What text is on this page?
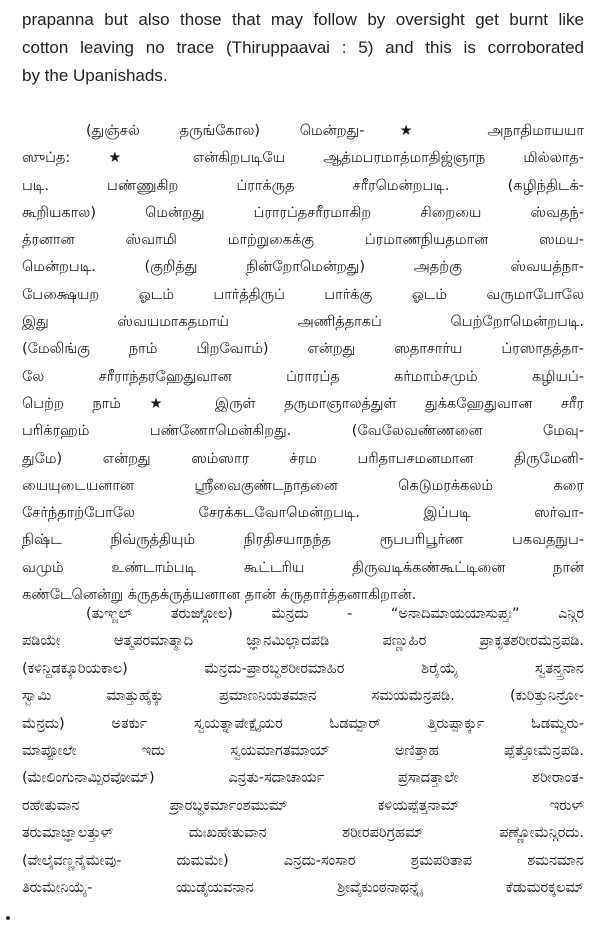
prapanna but also those that may follow by oversight get burnt like
cotton leaving no trace (Thiruppaavai : 5) and this is corroborated
by the Upanishads.
(துஞ்சல் தருங்கோல) மென்றது-★ அநாதிமாயயா
ஸுப்த: ★ என்கிறபடியே ஆத்மபரமாத்மாதிஜ்ஞாந மில்லாத-
படி. பண்ணுகிற ப்ராக்ருத சரீரமென்றபடி. (கழிந்திடக்-
கூறியகால) மென்றது ப்ராரப்தசரீரமாகிற சிறையை ஸ்வதந்-
த்ரனான ஸ்வாமி மாற்றுகைக்கு ப்ரமாணநியதமான ஸமய-
மென்றபடி. (குறித்து நின்றோமென்றது) அதற்கு ஸ்வயத்நா-
பேக்ஷையற ஓடம் பார்த்திருப் பார்க்கு ஓடம் வருமாபோலே
இது ஸ்வயமாகதமாய் அணித்தாகப் பெற்றோமென்றபடி.
(மேலிங்கு நாம் பிறவோம்) என்றது ஸதாசார்ய ப்ரஸாதத்தா-
லே சரீராந்தரஹேதுவான ப்ராரப்த கர்மாம்சமும் கழியப்-
பெற்ற நாம் ★ இருள் தருமாஞாலத்துள் துக்கஹேதுவான சரீர
பரிக்ரஹம் பண்ணோமென்கிறது. (வேலேவண்ணனை மேவு-
துமே) என்றது ஸம்ஸார ச்ரம பரிதாபசமனமான திருமேனி-
யையுடையனான ஸ்ரீவைகுண்டநாதனை கெடுமரக்கலம் கரை
சேர்ந்தாற்போலே சேரக்கடவோமென்றபடி. இப்படி ஸர்வா-
நிஷ்ட நிவ்ருத்தியும் நிரதிசயாநந்த ரூபபரிபூர்ண பகவதநுப-
வமும் உண்டாம்படி கூட்டரிய திருவடிக்கண்கூட்டினை நான்
கண்டேனென்று க்ருதக்ருத்யனான தான் க்ருதார்த்தனாகிறான்.
(ತುಞ್ಜಲ್ ತರುಙ್ಗೋಲ) ಮೆನ್ರದು - “ಅನಾದಿಮಾಯಯಾಸುಪ್ತಃ” ಎನ್ಗಿರ
ಪಡಿಯೇ ಆತ್ಮಪರಮಾತ್ಮಾದಿ ಜ್ಞಾನಮಿಲ್ಲಾದಪಡಿ ಪಣ್ಣುಹಿರ ಪ್ರಾಕೃತಶರೀರಮೆನ್ರಪಡಿ.
(ಕಳಿನ್ದಿಡಕ್ಕೂರಿಯಕಾಲ) ಮೆನ್ರದು-ಪ್ರಾರಬ್ಧಶರೀರಮಾಹಿರ ಶಿರೈಯೈ ಸ್ವತನ್ತ್ರನಾನ
ಸ್ವಾಮಿ ಮಾತ್ತುಹೈಕ್ಕು ಪ್ರಮಾಣನಿಯತಮಾನ ಸಮಯಮೆನ್ರಪಡಿ. (ಕುರಿತ್ತುನಿನ್ರೋ-
ಮೆನ್ರದು) ಅತರ್ಕು ಸ್ವಯತ್ನಾಪೇಕ್ಷೈಯರ ಓಡಮ್ಪಾರ್ ತ್ತಿರುಪ್ಪಾರ್ಕ್ಕು ಓಡಮ್ವರು-
ಮಾಪ್ಪೋಲೇ ಇದು ಸ್ವಯಮಾಗತಮಾಯ್ ಅಣಿತ್ತಾಹ ಪ್ಪೆತ್ತೋಮೆನ್ರಪಡಿ.
(ಮೇಲಿಂಗುನಾಮ್ಪಿರವೋಮ್) ಎನ್ರತು-ಸದಾಚಾರ್ಯ ಪ್ರಸಾದತ್ತಾಲೇ ಶರೀರಾಂತ-
ರಹೇತುವಾನ ಪ್ರಾರಬ್ಧಕರ್ಮಾಂಶಮುಮ್ ಕಳಿಯಪ್ಪೆತ್ತನಾಮ್ ಇರುಳ್
ತರುಮಾಜ್ಞಾಲತ್ತುಳ್ ದುಃಖಹೇತುವಾನ ಶರೀರಪರಿಗ್ರಹಮ್ ಪಣ್ಣೋಮೆನ್ಗಿರದು.
(ವೇಲೈವಣ್ಣನೈಮೇವು- ದುಮಮೇ) ಎನ್ರದು-ಸಂಸಾರ ಶ್ರಮಪರಿತಾಪ ಶಮನಮಾನ
ತಿರುಮೇನಿಯೈ- ಯುಡೈಯವನಾನ ಶ್ರೀವೈಕುಂಠನಾಥನ್ನೈ ಕೆಡುಮರಕ್ಕಲಮ್
